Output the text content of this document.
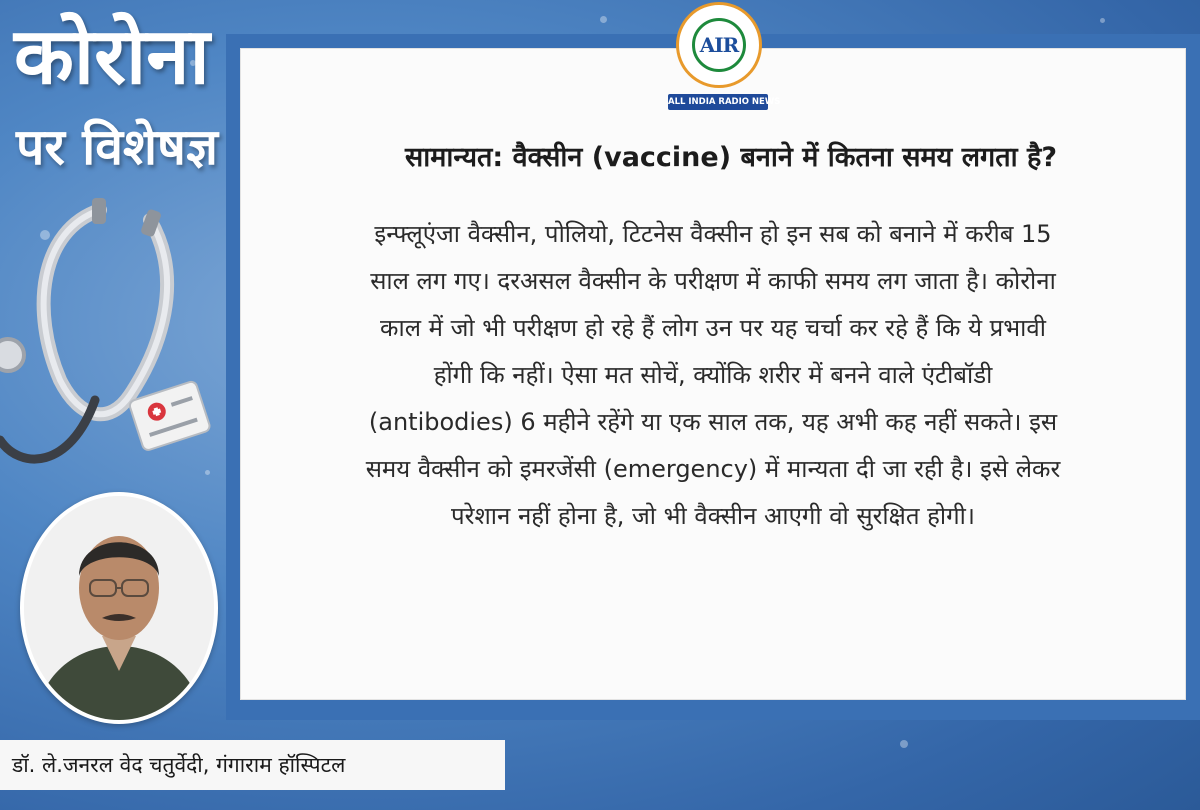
कोरोना
पर विशेषज्ञ	सामान्यत: वैक्सीन (vaccine) बनाने में कितना समय लगता है?
इन्फ्लूएंजा वैक्सीन, पोलियो, टिटनेस वैक्सीन हो इन सब को बनाने में करीब 15
साल लग गए। दरअसल वैक्सीन के परीक्षण में काफी समय लग जाता है। कोरोना
काल में जो भी परीक्षण हो रहे हैं लोग उन पर यह चर्चा कर रहे हैं कि ये प्रभावी
होंगी कि नहीं। ऐसा मत सोचें, क्योंकि शरीर में बनने वाले एंटीबॉडी
(antibodies) 6 महीने रहेंगे या एक साल तक, यह अभी कह नहीं सकते। इस
समय वैक्सीन को इमरजेंसी (emergency) में मान्यता दी जा रही है। इसे लेकर
परेशान नहीं होना है, जो भी वैक्सीन आएगी वो सुरक्षित होगी।
AIR
ALL INDIA RADIO NEWS
डॉ. ले.जनरल वेद चतुर्वेदी, गंगाराम हॉस्पिटल
